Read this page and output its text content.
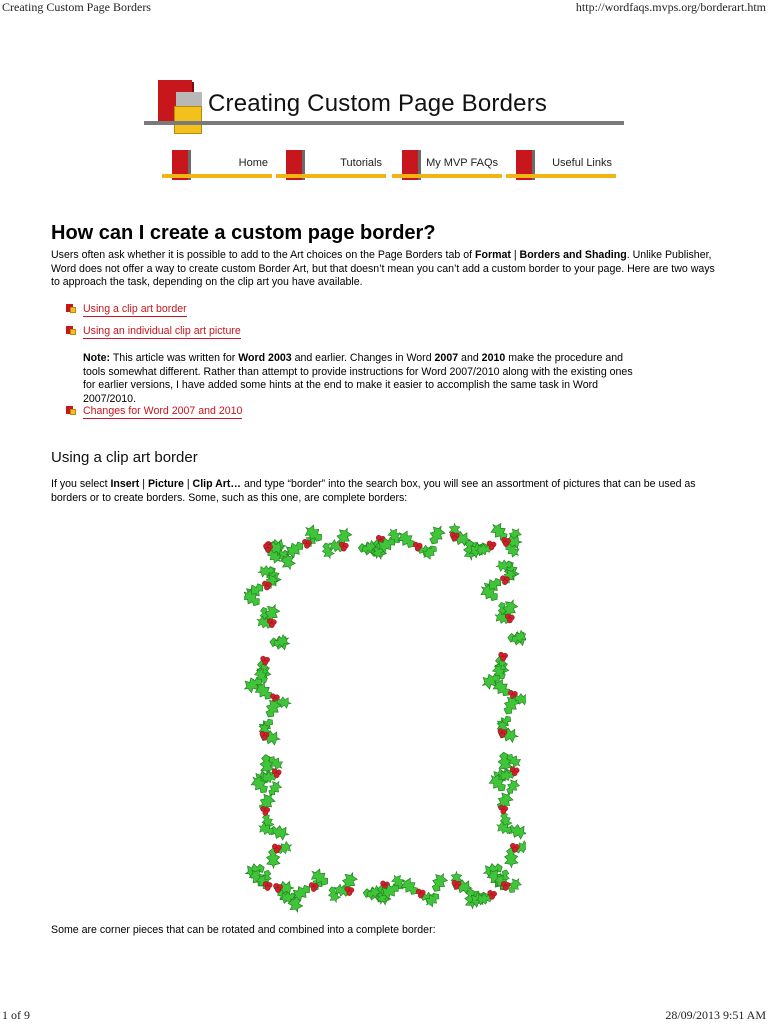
Creating Custom Page Borders	http://wordfaqs.mvps.org/borderart.htm
Creating Custom Page Borders
Home	Tutorials	My MVP FAQs	Useful Links
How can I create a custom page border?
Users often ask whether it is possible to add to the Art choices on the Page Borders tab of Format | Borders and Shading. Unlike Publisher, Word does not offer a way to create custom Border Art, but that doesn’t mean you can’t add a custom border to your page. Here are two ways to approach the task, depending on the clip art you have available.
Using a clip art border
Using an individual clip art picture
Changes for Word 2007 and 2010
Note: This article was written for Word 2003 and earlier. Changes in Word 2007 and 2010 make the procedure and tools somewhat different. Rather than attempt to provide instructions for Word 2007/2010 along with the existing ones for earlier versions, I have added some hints at the end to make it easier to accomplish the same task in Word 2007/2010.
Using a clip art border
If you select Insert | Picture | Clip Art… and type “border” into the search box, you will see an assortment of pictures that can be used as borders or to create borders. Some, such as this one, are complete borders:
Some are corner pieces that can be rotated and combined into a complete border:
1 of 9	28/09/2013 9:51 AM
